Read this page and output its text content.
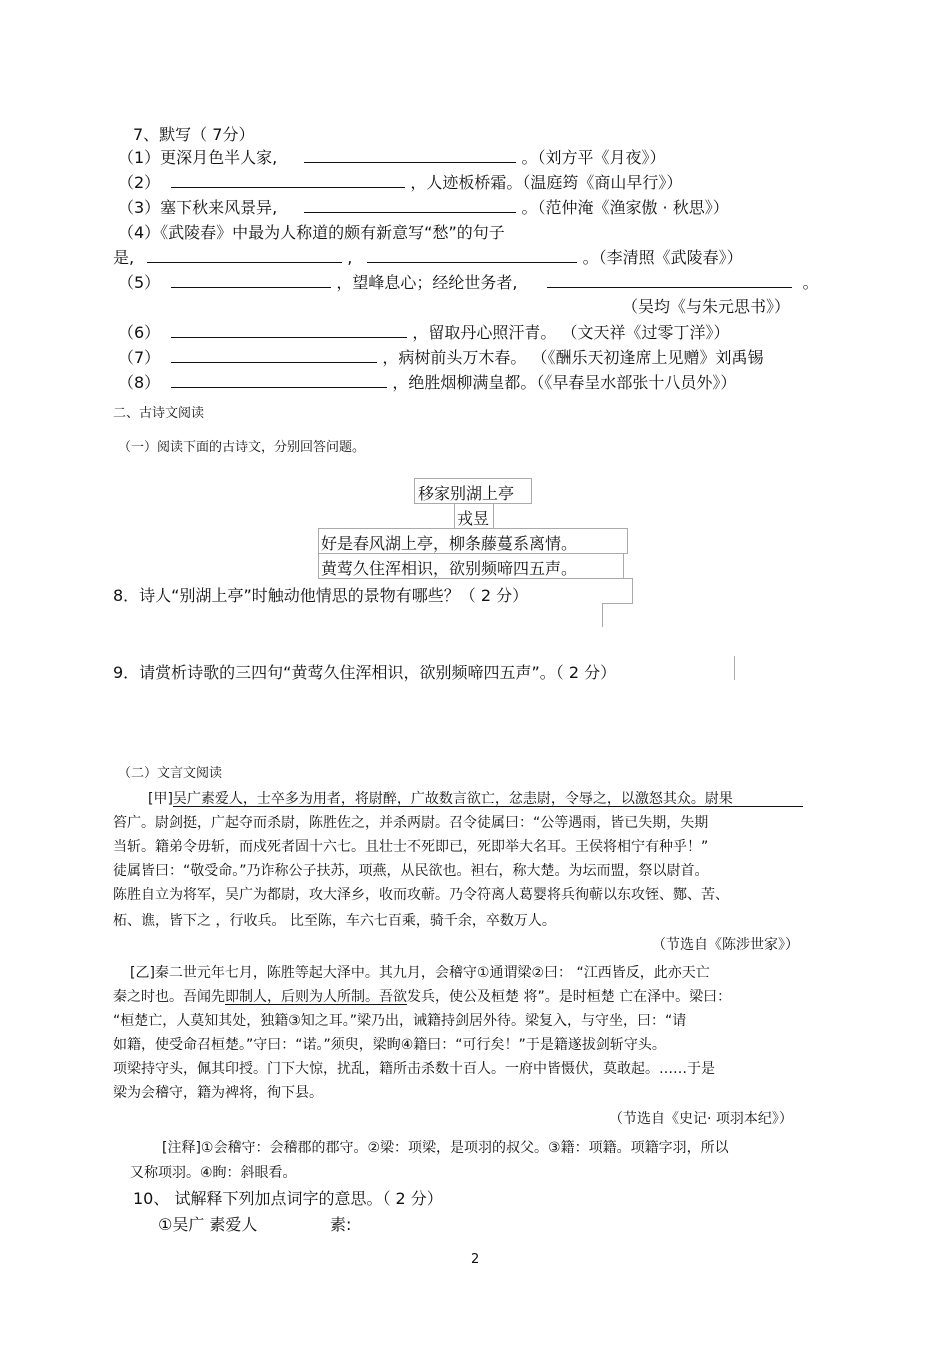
7、默写（ 7分）
（1）更深月色半人家,	。（刘方平《月夜》）
（2）	，人迹板桥霜。（温庭筠《商山早行》）
（3）塞下秋来风景异,	。（范仲淹《渔家傲 · 秋思》）
（4）《武陵春》中最为人称道的颇有新意写“愁”的句子
是,	,	。（李清照《武陵春》）
（5）	，望峰息心；经纶世务者,	。
（吴均《与朱元思书》）
（6）	，留取丹心照汗青。 （文天祥《过零丁洋》）
（7）	，病树前头万木春。 （《酬乐天初逢席上见赠》刘禹锡
（8）	，绝胜烟柳满皇都。（《早春呈水部张十八员外》）
二、古诗文阅读
（一）阅读下面的古诗文，分别回答问题。
移家别湖上亭
戎昱
好是春风湖上亭，柳条藤蔓系离情。
黄莺久住浑相识，欲别频啼四五声。
8．诗人“别湖上亭”时触动他情思的景物有哪些？（ 2 分）
9．请赏析诗歌的三四句“黄莺久住浑相识，欲别频啼四五声”。（ 2 分）
（二）文言文阅读
[甲]吴广素爱人，士卒多为用者，将尉醉，广故数言欲亡，忿恚尉，令辱之，以激怒其众。尉果
笞广。尉剑挺，广起夺而杀尉，陈胜佐之，并杀两尉。召令徒属曰：“公等遇雨，皆已失期，失期
当斩。籍弟令毋斩，而戍死者固十六七。且壮士不死即已，死即举大名耳。王侯将相宁有种乎！”
徒属皆曰：“敬受命。”乃诈称公子扶苏，项燕，从民欲也。袒右，称大楚。为坛而盟，祭以尉首。
陈胜自立为将军，吴广为都尉，攻大泽乡，收而攻蕲。乃令符离人葛婴将兵徇蕲以东攻铚、酂、苦、
柘、谯，皆下之 ，行收兵。 比至陈，车六七百乘，骑千余，卒数万人。
（节选自《陈涉世家》）
[乙]秦二世元年七月，陈胜等起大泽中。其九月，会稽守①通谓梁②曰： “江西皆反，此亦天亡
秦之时也。吾闻先即制人，后则为人所制。吾欲发兵，使公及桓楚 将”。是时桓楚 亡在泽中。梁曰：
“桓楚亡，人莫知其处，独籍③知之耳。”梁乃出，诫籍持剑居外待。梁复入，与守坐，曰：“请
如籍，使受命召桓楚。”守曰：“诺。”须臾，梁眴④籍曰：“可行矣！”于是籍遂拔剑斩守头。
项梁持守头，佩其印授。门下大惊，扰乱，籍所击杀数十百人。一府中皆慑伏，莫敢起。……于是
梁为会稽守，籍为裨将，徇下县。
（节选自《史记· 项羽本纪》）
[注释]①会稽守：会稽郡的郡守。②梁：项梁，是项羽的叔父。③籍：项籍。项籍字羽，所以
又称项羽。④眴：斜眼看。
10、 试解释下列加点词字的意思。（ 2 分）
①吴广 素爱人	素:
2
